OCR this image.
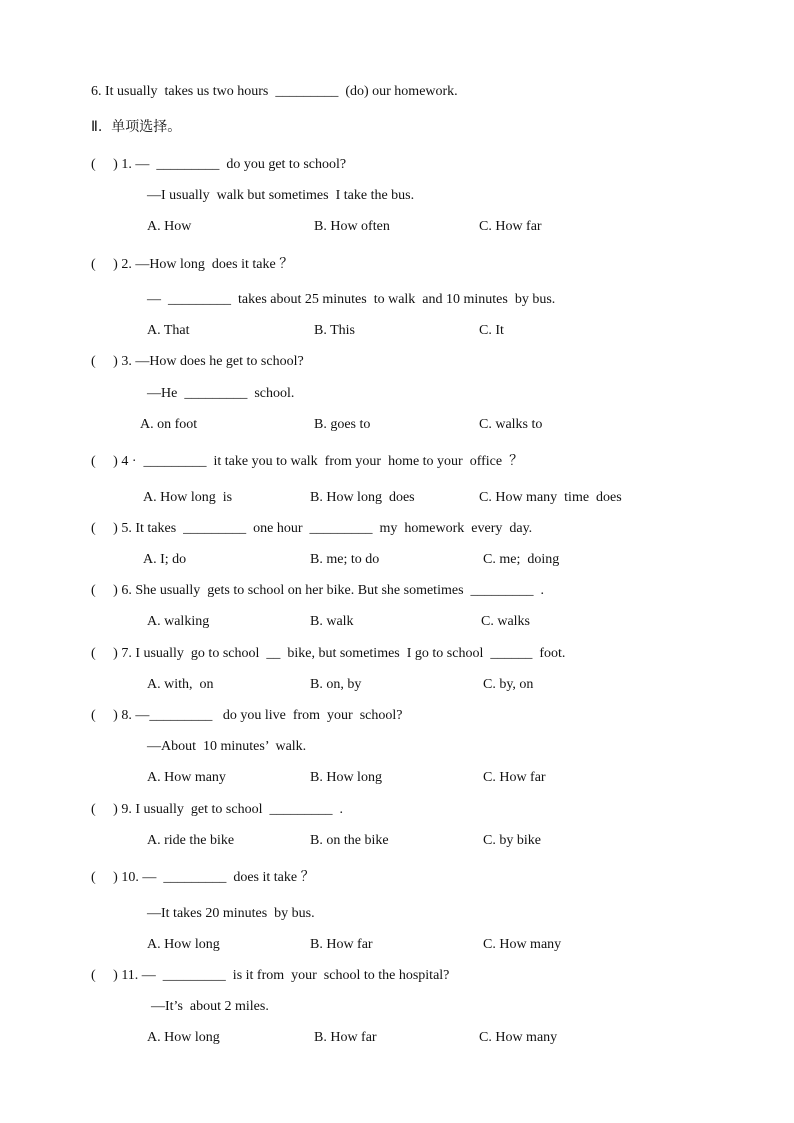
6. It usually  takes us two hours  _________  (do) our homework.
Ⅱ.  单项选择。
(     ) 1. —  _________  do you get to school?
—I usually  walk but sometimes  I take the bus.
A. How	B. How often	C. How far
(     ) 2. —How long  does it take ？
—  _________  takes about 25 minutes  to walk  and 10 minutes  by bus.
A. That	B. This	C. It
(     ) 3. —How does he get to school?
—He  _________  school.
A. on foot	B. goes to	C. walks to
(     ) 4 ·  _________  it take you to walk  from your  home to your  office  ？
A. How long  is	B. How long  does	C. How many  time  does
(     ) 5. It takes  _________  one hour  _________  my  homework  every  day.
A. I; do	B. me; to do	C. me;  doing
(     ) 6. She usually  gets to school on her bike. But she sometimes  _________  .
A. walking	B. walk	C. walks
(     ) 7. I usually  go to school  __  bike, but sometimes  I go to school  ______  foot.
A. with,  on	B. on, by	C. by, on
(     ) 8. —_________   do you live  from  your  school?
—About  10 minutes’  walk.
A. How many	B. How long	C. How far
(     ) 9. I usually  get to school  _________  .
A. ride the bike	B. on the bike	C. by bike
(     ) 10. —  _________  does it take ？
—It takes 20 minutes  by bus.
A. How long	B. How far	C. How many
(     ) 11. —  _________  is it from  your  school to the hospital?
—It’s  about 2 miles.
A. How long	B. How far	C. How many
